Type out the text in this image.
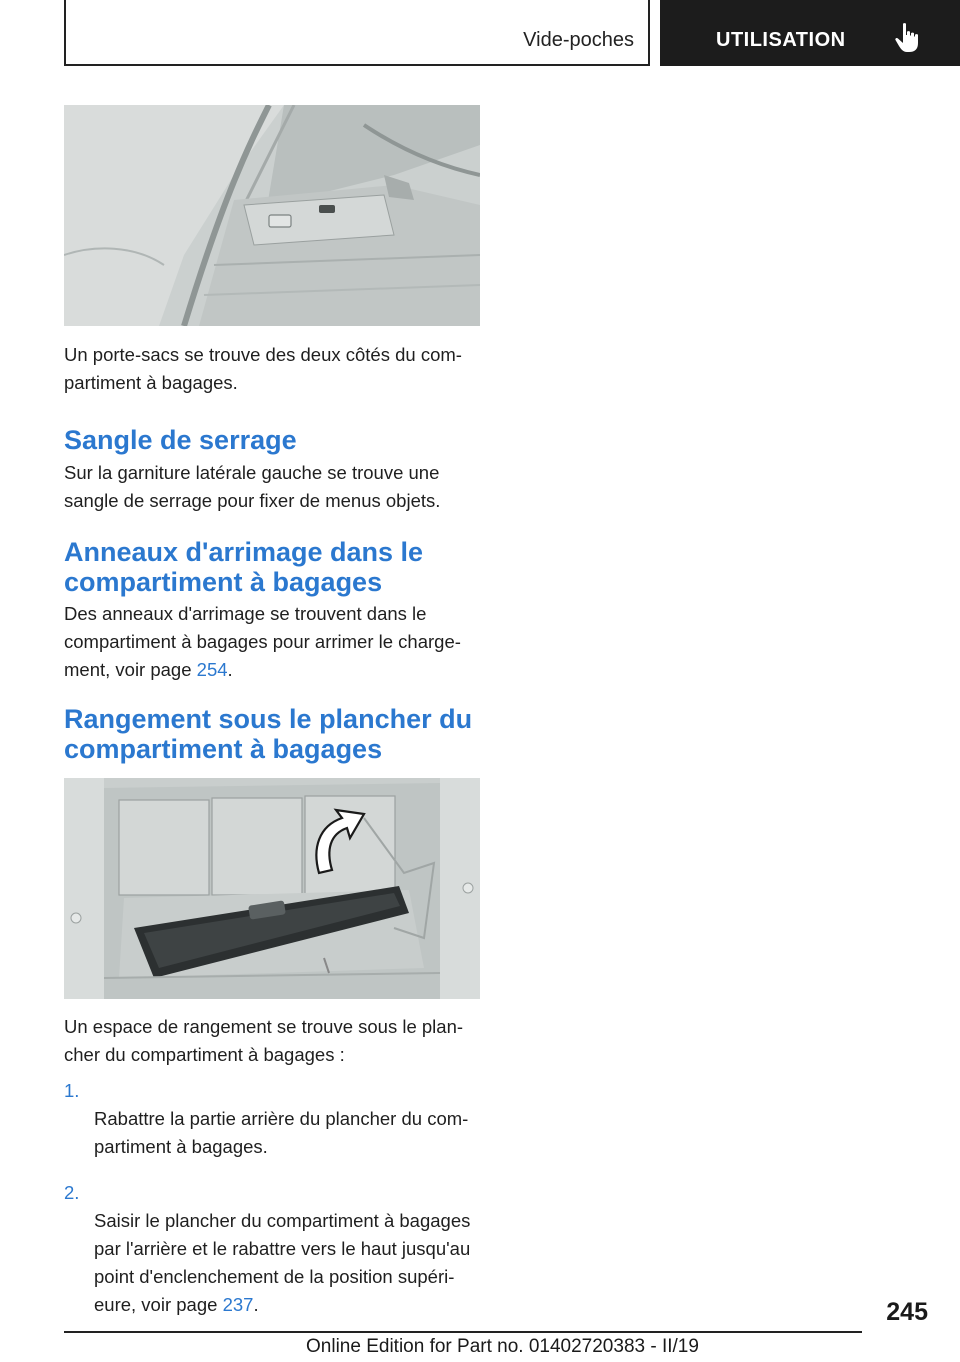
Vide-poches	UTILISATION

Un porte-sacs se trouve des deux côtés du com-
partiment à bagages.

Sangle de serrage

Sur la garniture latérale gauche se trouve une
sangle de serrage pour fixer de menus objets.

Anneaux d'arrimage dans le
compartiment à bagages

Des anneaux d'arrimage se trouvent dans le
compartiment à bagages pour arrimer le charge-
ment, voir page 254.

Rangement sous le plancher du
compartiment à bagages

Un espace de rangement se trouve sous le plan-
cher du compartiment à bagages :

1.
Rabattre la partie arrière du plancher du com-
partiment à bagages.

2.
Saisir le plancher du compartiment à bagages
par l'arrière et le rabattre vers le haut jusqu'au
point d'enclenchement de la position supéri-
eure, voir page 237.	245
Online Edition for Part no. 01402720383 - II/19
